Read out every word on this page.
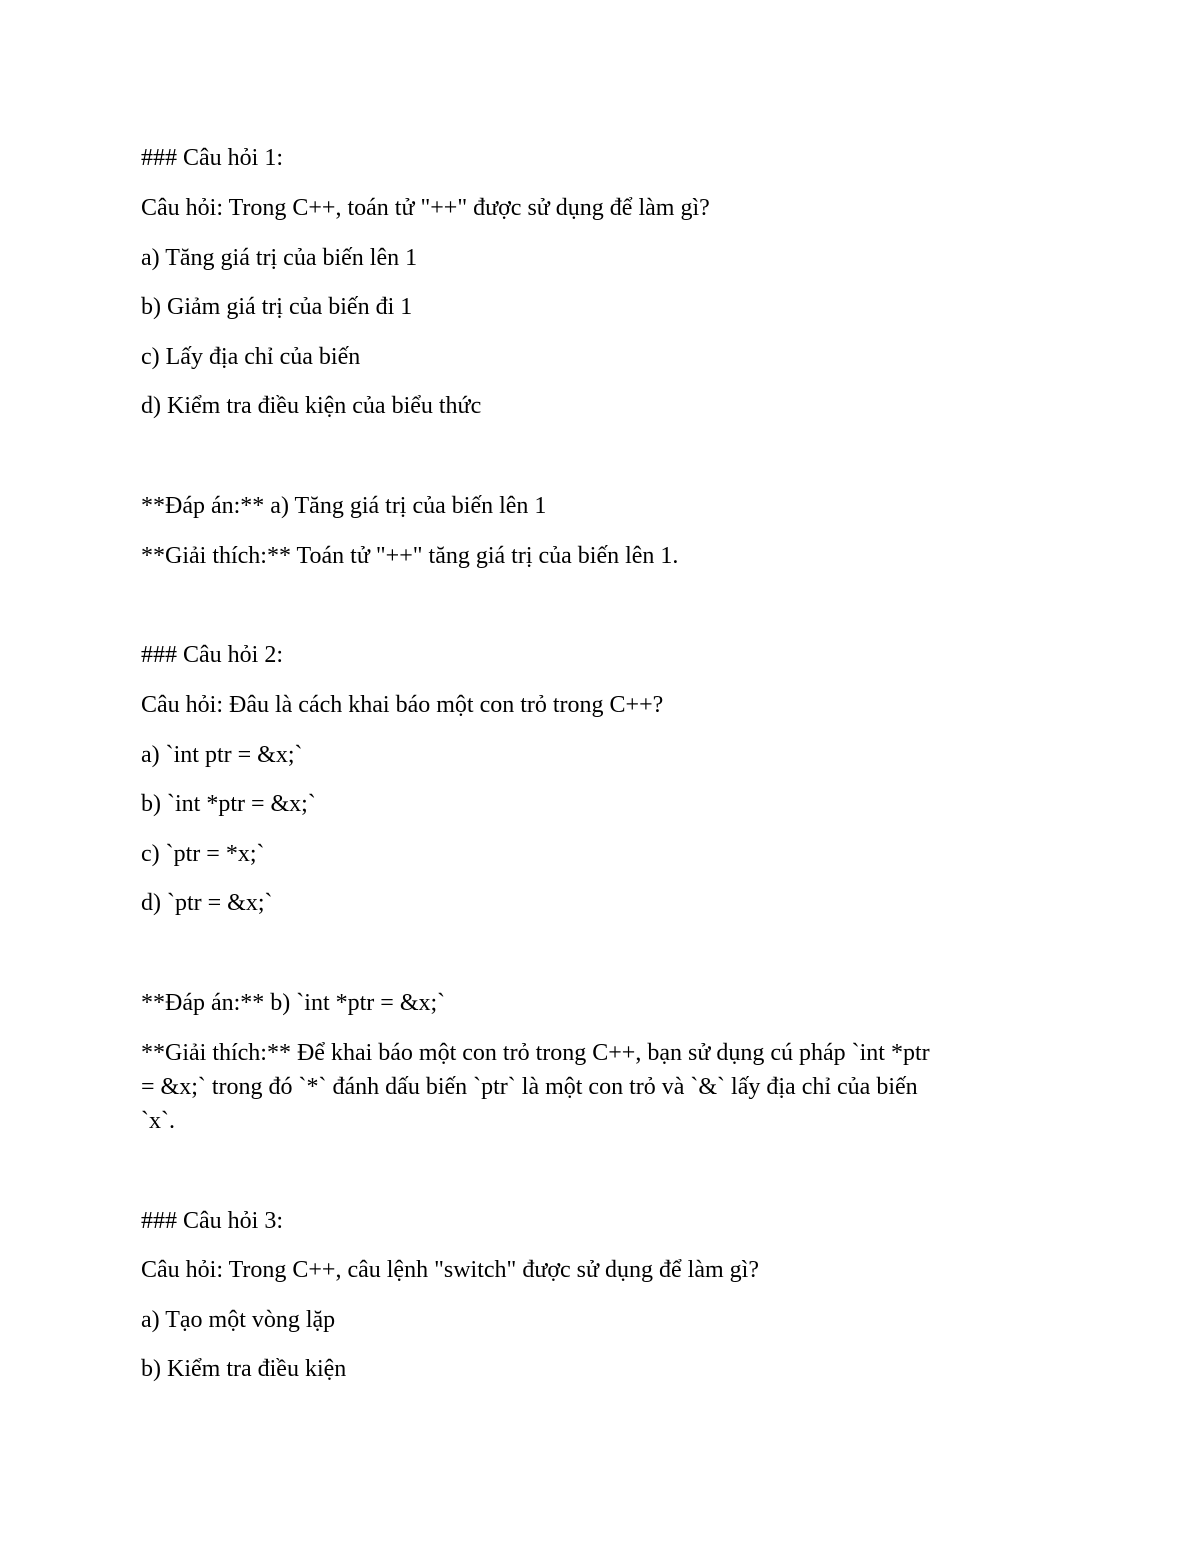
### Câu hỏi 1:
Câu hỏi: Trong C++, toán tử "++" được sử dụng để làm gì?
a) Tăng giá trị của biến lên 1
b) Giảm giá trị của biến đi 1
c) Lấy địa chỉ của biến
d) Kiểm tra điều kiện của biểu thức
**Đáp án:** a) Tăng giá trị của biến lên 1
**Giải thích:** Toán tử "++" tăng giá trị của biến lên 1.
### Câu hỏi 2:
Câu hỏi: Đâu là cách khai báo một con trỏ trong C++?
a) `int ptr = &x;`
b) `int *ptr = &x;`
c) `ptr = *x;`
d) `ptr = &x;`
**Đáp án:** b) `int *ptr = &x;`
**Giải thích:** Để khai báo một con trỏ trong C++, bạn sử dụng cú pháp `int *ptr
= &x;` trong đó `*` đánh dấu biến `ptr` là một con trỏ và `&` lấy địa chỉ của biến
`x`.
### Câu hỏi 3:
Câu hỏi: Trong C++, câu lệnh "switch" được sử dụng để làm gì?
a) Tạo một vòng lặp
b) Kiểm tra điều kiện
